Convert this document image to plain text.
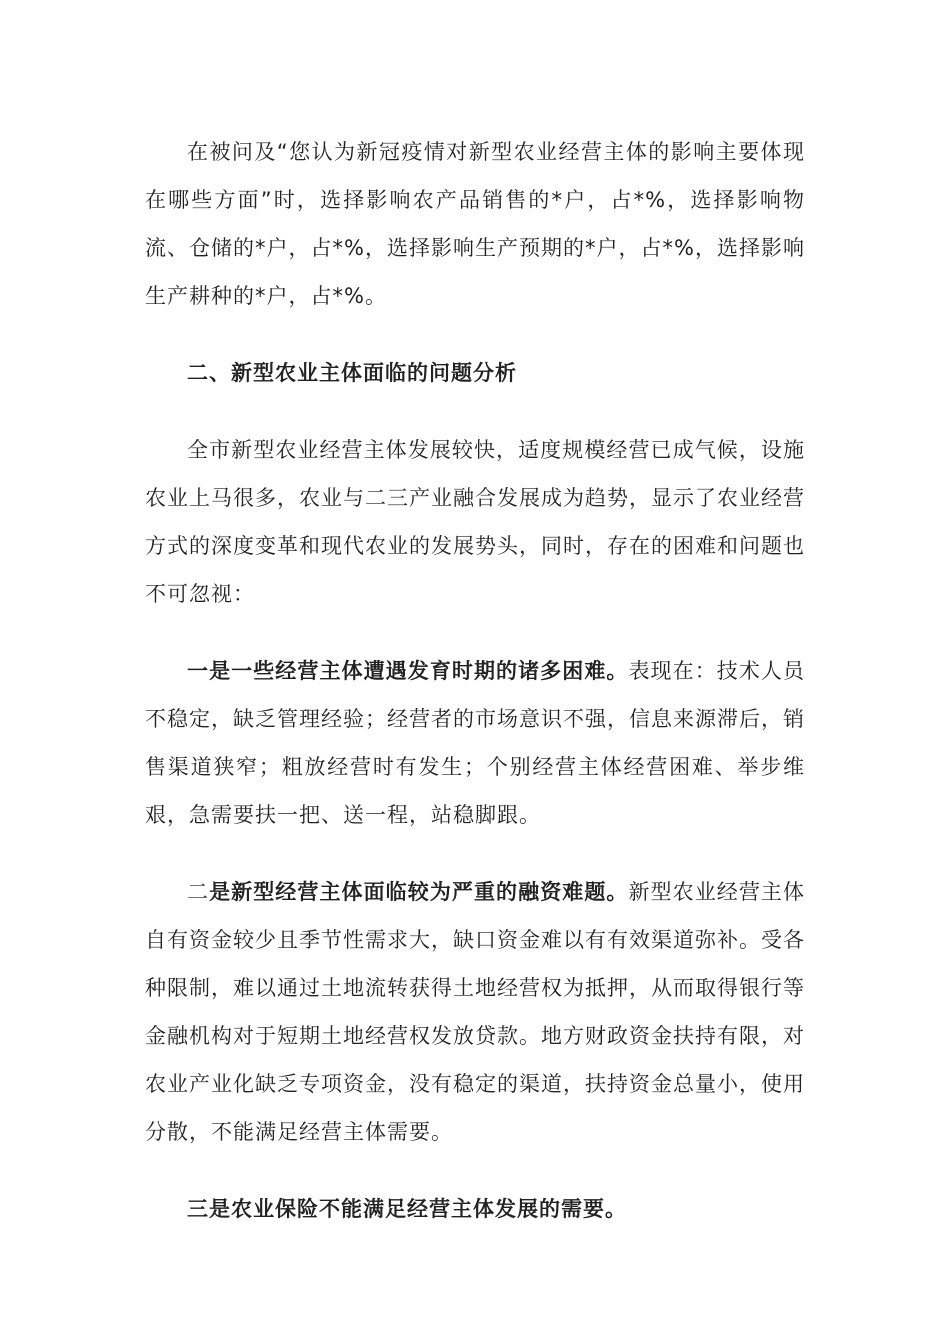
在被问及“您认为新冠疫情对新型农业经营主体的影响主要体现在哪些方面”时，选择影响农产品销售的*户，占*%，选择影响物流、仓储的*户，占*%，选择影响生产预期的*户，占*%，选择影响生产耕种的*户，占*%。

二、新型农业主体面临的问题分析

全市新型农业经营主体发展较快，适度规模经营已成气候，设施农业上马很多，农业与二三产业融合发展成为趋势，显示了农业经营方式的深度变革和现代农业的发展势头，同时，存在的困难和问题也不可忽视：

一是一些经营主体遭遇发育时期的诸多困难。表现在：技术人员不稳定，缺乏管理经验；经营者的市场意识不强，信息来源滞后，销售渠道狭窄；粗放经营时有发生；个别经营主体经营困难、举步维艰，急需要扶一把、送一程，站稳脚跟。

二是新型经营主体面临较为严重的融资难题。新型农业经营主体自有资金较少且季节性需求大，缺口资金难以有有效渠道弥补。受各种限制，难以通过土地流转获得土地经营权为抵押，从而取得银行等金融机构对于短期土地经营权发放贷款。地方财政资金扶持有限，对农业产业化缺乏专项资金，没有稳定的渠道，扶持资金总量小，使用分散，不能满足经营主体需要。

三是农业保险不能满足经营主体发展的需要。
